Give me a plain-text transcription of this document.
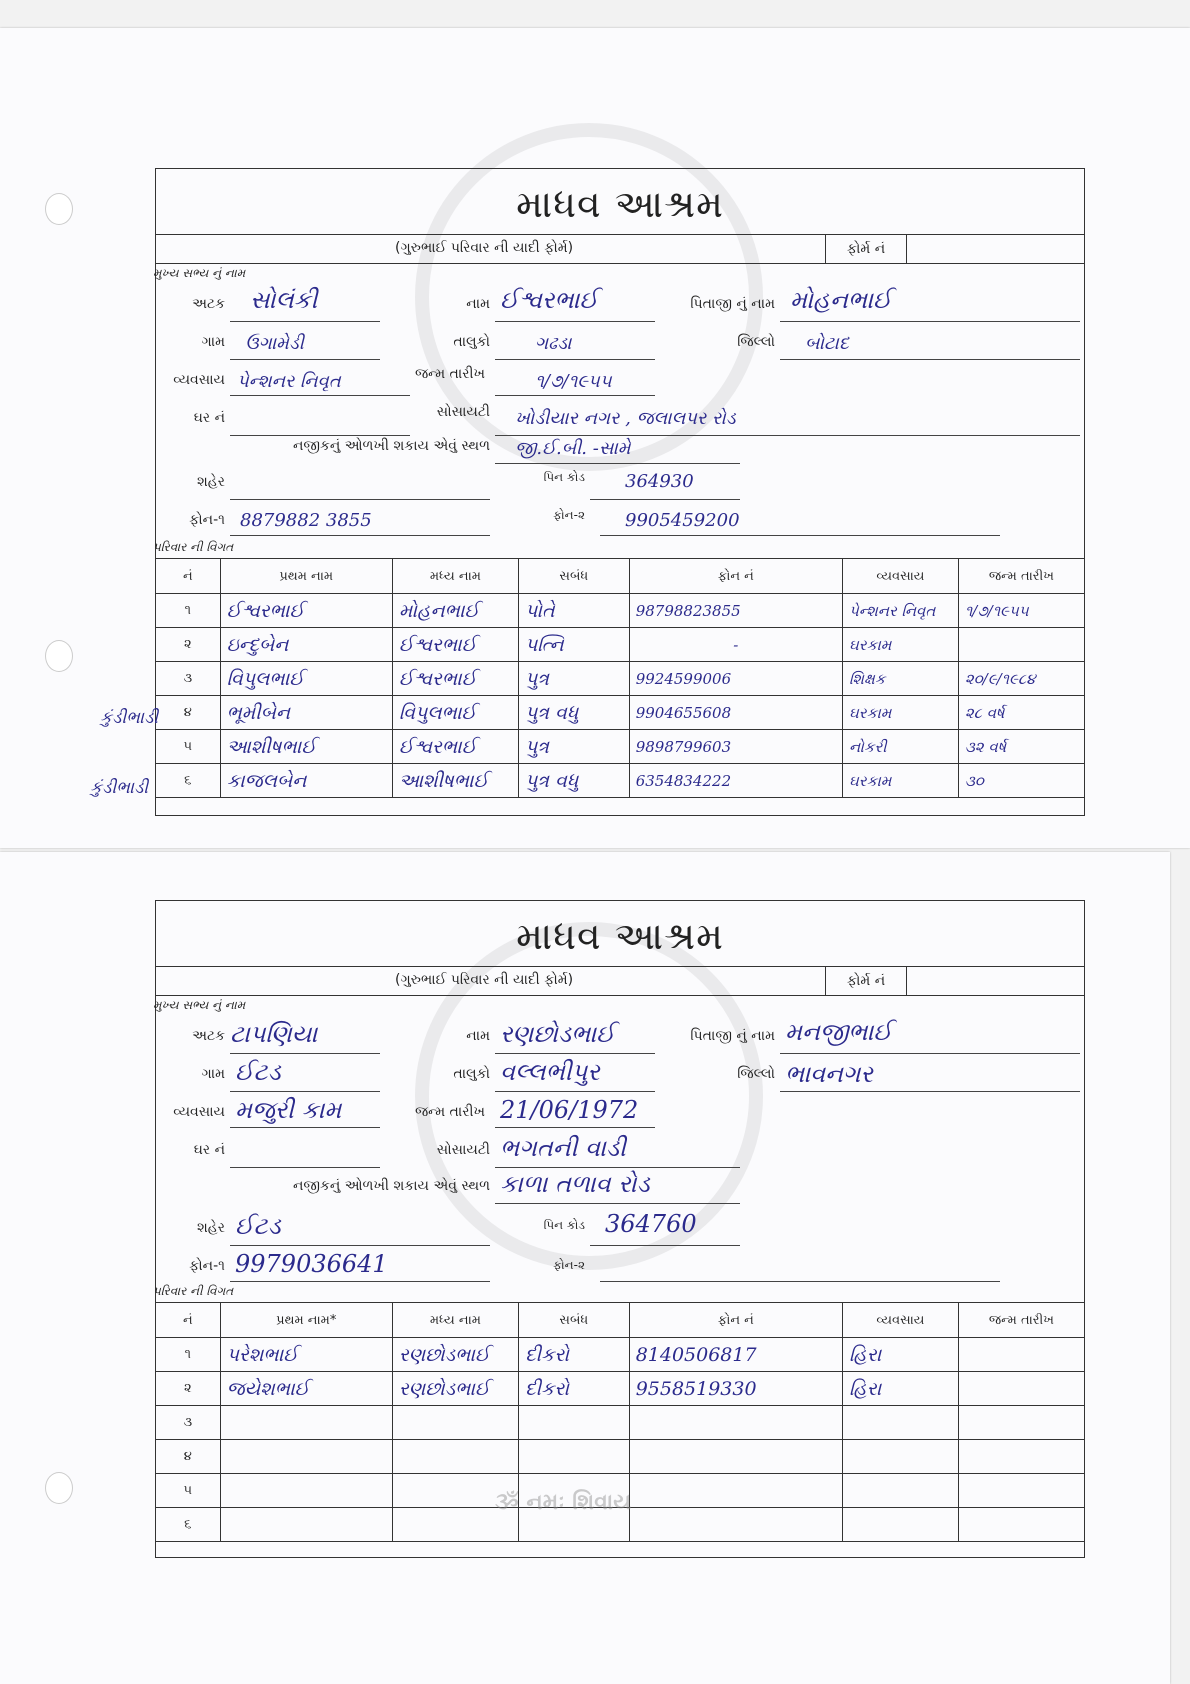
માધવ આશ્રમ
(ગુરુભાઈ પરિવાર ની યાદી ફોર્મ)	ફોર્મ નં
મુખ્ય સભ્ય નું નામ
અટક સોલંકી	નામ ઈશ્વરભાઈ	પિતાજી નું નામ મોહનભાઈ
ગામ ઉગામેડી	તાલુકો	ગઢડા	જિલ્લો બોટાદ
વ્યવસાય પેન્શનર નિવૃત	જન્મ તારીખ	૧/૭/૧૯૫૫
ઘર નં	સોસાયટી ખોડીયાર નગર , જલાલપર રોડ
નજીકનું ઓળખી શકાય એવું સ્થળ જી.ઈ.બી. -સામે
શહેર	પિન કોડ 364930
ફોન-૧ 8879882 3855	ફોન-૨ 9905459200
પરિવાર ની વિગત
નં	પ્રથમ નામ	મધ્ય નામ	સબંધ	ફોન નં	વ્યવસાય	જન્મ તારીખ
૧	ઈશ્વરભાઈ	મોહનભાઈ	પોતે	98798823855	પેન્શનર નિવૃત	૧/૭/૧૯૫૫
૨	ઇન્દુબેન	ઈશ્વરભાઈ	પત્નિ	-	ઘરકામ	
૩	વિપુલભાઈ	ઈશ્વરભાઈ	પુત્ર	9924599006	શિક્ષક	૨૦/૯/૧૯૮૪
૪	ભૂમીબેન	વિપુલભાઈ	પુત્ર વધુ	9904655608	ઘરકામ	૨૮ વર્ષ
૫	આશીષભાઈ	ઈશ્વરભાઈ	પુત્ર	9898799603	નોકરી	૩૨ વર્ષ
૬	કાજલબેન	આશીષભાઈ	પુત્ર વધુ	6354834222	ઘરકામ	૩૦
કુંડીભાડી
કુંડીભાડી
માધવ આશ્રમ
(ગુરુભાઈ પરિવાર ની યાદી ફોર્મ)	ફોર્મ નં
મુખ્ય સભ્ય નું નામ
અટક ટાપણિયા	નામ રણછોડભાઈ	પિતાજી નું નામ મનજીભાઈ
ગામ ઈટડ	તાલુકો વલ્લભીપુર	જિલ્લો ભાવનગર
વ્યવસાય મજુરી કામ	જન્મ તારીખ 21/06/1972
ઘર નં	સોસાયટી ભગતની વાડી
નજીકનું ઓળખી શકાય એવું સ્થળ કાળા તળાવ રોડ
શહેર ઈટડ	પિન કોડ 364760
ફોન-૧ 9979036641	ફોન-૨
પરિવાર ની વિગત
નં	પ્રથમ નામ*	મધ્ય નામ	સબંધ	ફોન નં	વ્યવસાય	જન્મ તારીખ
૧	પરેશભાઈ	રણછોડભાઈ	દીકરો	8140506817	હિરા	
૨	જયેશભાઈ	રણછોડભાઈ	દીકરો	9558519330	હિરા	
૩						
૪						
૫						
૬						
ૐ નમઃ શિવાય
